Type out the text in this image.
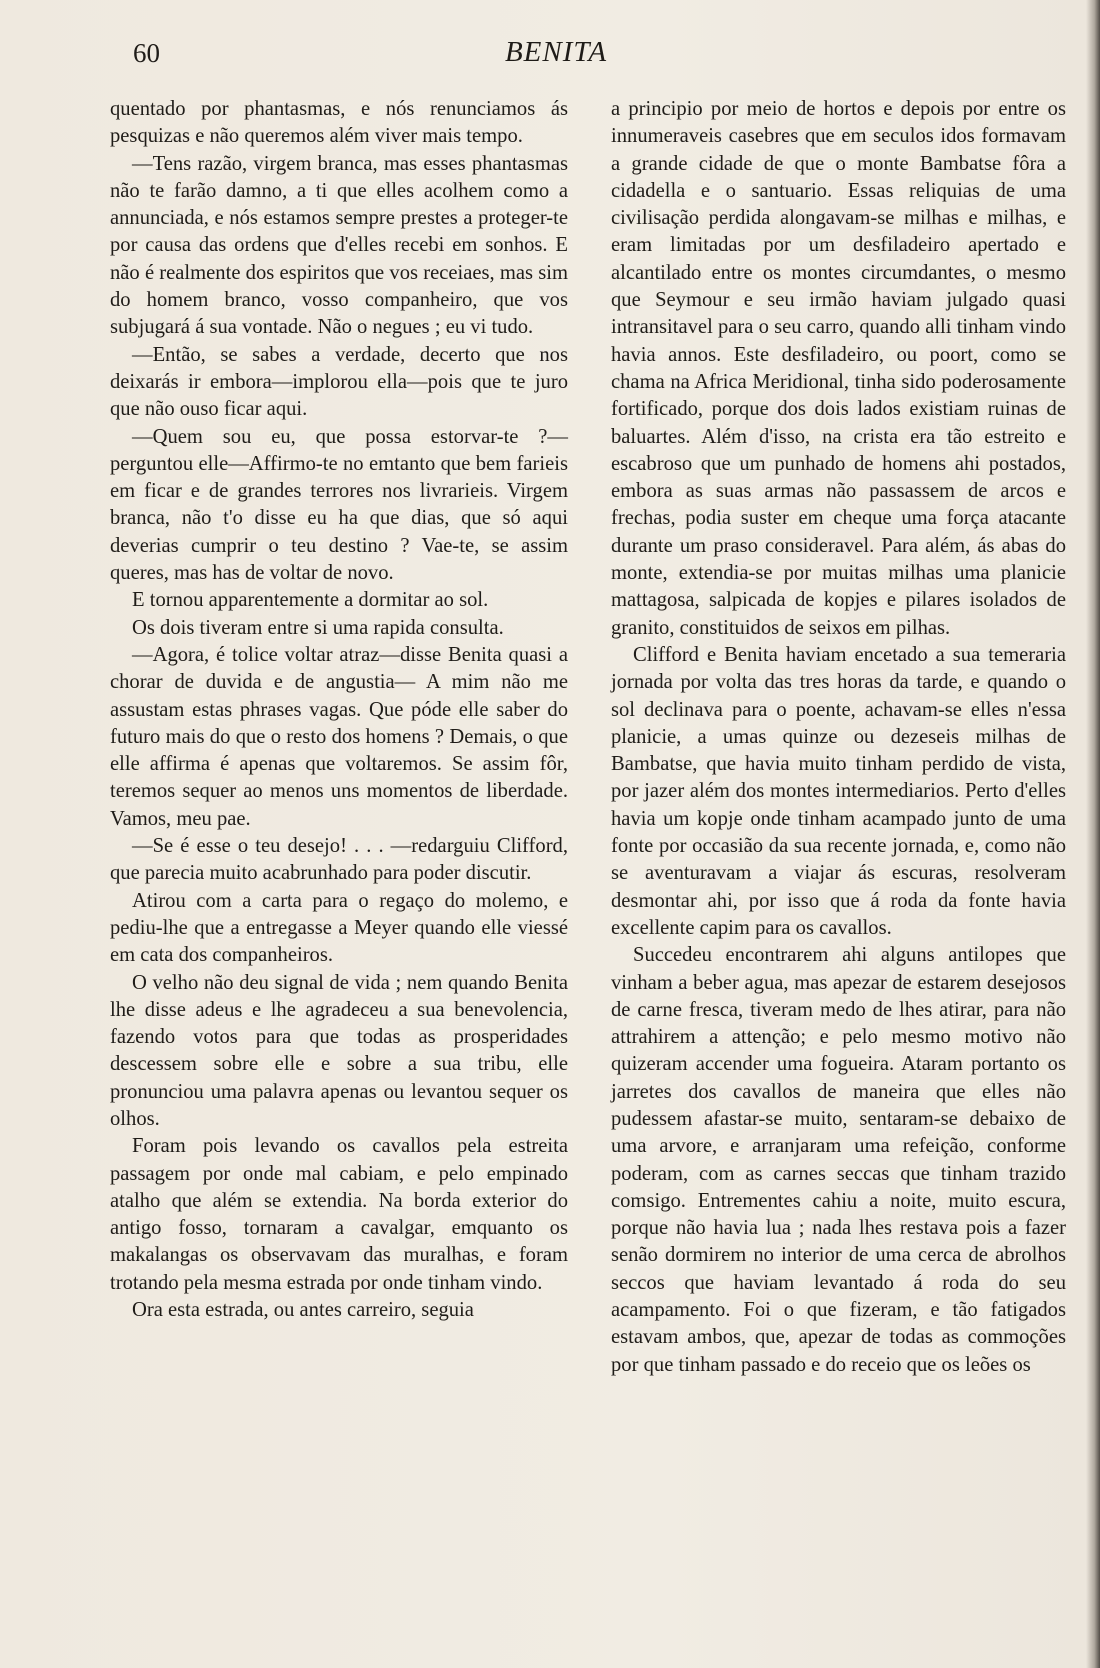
60	BENITA

quentado por phantasmas, e nós renunciamos ás pesquizas e não queremos além viver mais tempo.

—Tens razão, virgem branca, mas esses phantasmas não te farão damno, a ti que elles acolhem como a annunciada, e nós estamos sempre prestes a proteger-te por causa das ordens que d'elles recebi em sonhos. E não é realmente dos espiritos que vos receiaes, mas sim do homem branco, vosso companheiro, que vos subjugará á sua vontade. Não o negues ; eu vi tudo.

—Então, se sabes a verdade, decerto que nos deixarás ir embora—implorou ella—pois que te juro que não ouso ficar aqui.

—Quem sou eu, que possa estorvar-te ?— perguntou elle—Affirmo-te no emtanto que bem farieis em ficar e de grandes terrores nos livrarieis. Virgem branca, não t'o disse eu ha que dias, que só aqui deverias cumprir o teu destino ? Vae-te, se assim queres, mas has de voltar de novo.

E tornou apparentemente a dormitar ao sol.

Os dois tiveram entre si uma rapida consulta.

—Agora, é tolice voltar atraz—disse Benita quasi a chorar de duvida e de angustia— A mim não me assustam estas phrases vagas. Que póde elle saber do futuro mais do que o resto dos homens ? Demais, o que elle affirma é apenas que voltaremos. Se assim fôr, teremos sequer ao menos uns momentos de liberdade. Vamos, meu pae.

—Se é esse o teu desejo! . . . —redarguiu Clifford, que parecia muito acabrunhado para poder discutir.

Atirou com a carta para o regaço do molemo, e pediu-lhe que a entregasse a Meyer quando elle viessé em cata dos companheiros.

O velho não deu signal de vida ; nem quando Benita lhe disse adeus e lhe agradeceu a sua benevolencia, fazendo votos para que todas as prosperidades descessem sobre elle e sobre a sua tribu, elle pronunciou uma palavra apenas ou levantou sequer os olhos.

Foram pois levando os cavallos pela estreita passagem por onde mal cabiam, e pelo empinado atalho que além se extendia. Na borda exterior do antigo fosso, tornaram a cavalgar, emquanto os makalangas os observavam das muralhas, e foram trotando pela mesma estrada por onde tinham vindo.

Ora esta estrada, ou antes carreiro, seguia

a principio por meio de hortos e depois por entre os innumeraveis casebres que em seculos idos formavam a grande cidade de que o monte Bambatse fôra a cidadella e o santuario. Essas reliquias de uma civilisação perdida alongavam-se milhas e milhas, e eram limitadas por um desfiladeiro apertado e alcantilado entre os montes circumdantes, o mesmo que Seymour e seu irmão haviam julgado quasi intransitavel para o seu carro, quando alli tinham vindo havia annos. Este desfiladeiro, ou poort, como se chama na Africa Meridional, tinha sido poderosamente fortificado, porque dos dois lados existiam ruinas de baluartes. Além d'isso, na crista era tão estreito e escabroso que um punhado de homens ahi postados, embora as suas armas não passassem de arcos e frechas, podia suster em cheque uma força atacante durante um praso consideravel. Para além, ás abas do monte, extendia-se por muitas milhas uma planicie mattagosa, salpicada de kopjes e pilares isolados de granito, constituidos de seixos em pilhas.

Clifford e Benita haviam encetado a sua temeraria jornada por volta das tres horas da tarde, e quando o sol declinava para o poente, achavam-se elles n'essa planicie, a umas quinze ou dezeseis milhas de Bambatse, que havia muito tinham perdido de vista, por jazer além dos montes intermediarios. Perto d'elles havia um kopje onde tinham acampado junto de uma fonte por occasião da sua recente jornada, e, como não se aventuravam a viajar ás escuras, resolveram desmontar ahi, por isso que á roda da fonte havia excellente capim para os cavallos.

Succedeu encontrarem ahi alguns antilopes que vinham a beber agua, mas apezar de estarem desejosos de carne fresca, tiveram medo de lhes atirar, para não attrahirem a attenção; e pelo mesmo motivo não quizeram accender uma fogueira. Ataram portanto os jarretes dos cavallos de maneira que elles não pudessem afastar-se muito, sentaram-se debaixo de uma arvore, e arranjaram uma refeição, conforme poderam, com as carnes seccas que tinham trazido comsigo. Entrementes cahiu a noite, muito escura, porque não havia lua ; nada lhes restava pois a fazer senão dormirem no interior de uma cerca de abrolhos seccos que haviam levantado á roda do seu acampamento. Foi o que fizeram, e tão fatigados estavam ambos, que, apezar de todas as commoções por que tinham passado e do receio que os leões os
